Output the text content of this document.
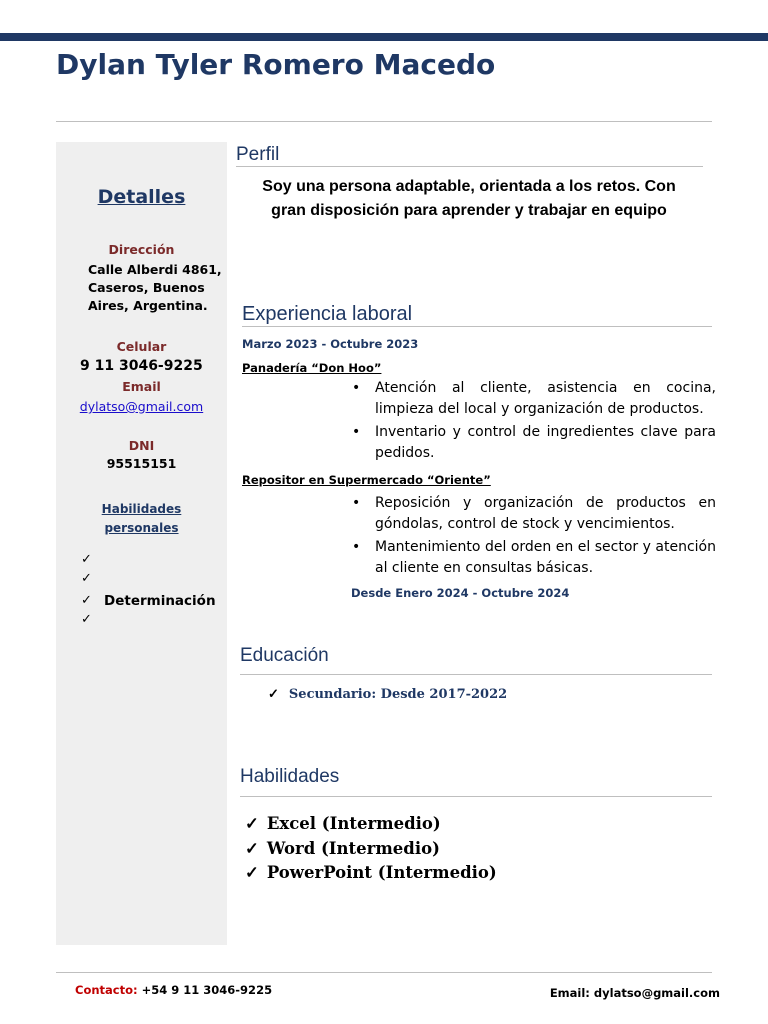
Dylan Tyler Romero Macedo
Detalles
Dirección
Calle Alberdi 4861,
Caseros, Buenos
Aires, Argentina.
Celular
9 11 3046-9225
Email
dylatso@gmail.com
DNI
95515151
Habilidades
personales
✓
✓
✓ Determinación
✓
Perfil
Soy una persona adaptable, orientada a los retos. Con gran disposición para aprender y trabajar en equipo
Experiencia laboral
Marzo 2023 - Octubre 2023
Panadería “Don Hoo”
• Atención al cliente, asistencia en cocina, limpieza del local y organización de productos.
• Inventario y control de ingredientes clave para pedidos.
Repositor en Supermercado “Oriente”
• Reposición y organización de productos en góndolas, control de stock y vencimientos.
• Mantenimiento del orden en el sector y atención al cliente en consultas básicas.
Desde Enero 2024 - Octubre 2024
Educación
✓ Secundario: Desde 2017-2022
Habilidades
✓ Excel (Intermedio)
✓ Word (Intermedio)
✓ PowerPoint (Intermedio)
Contacto: +54 9 11 3046-9225	Email: dylatso@gmail.com
